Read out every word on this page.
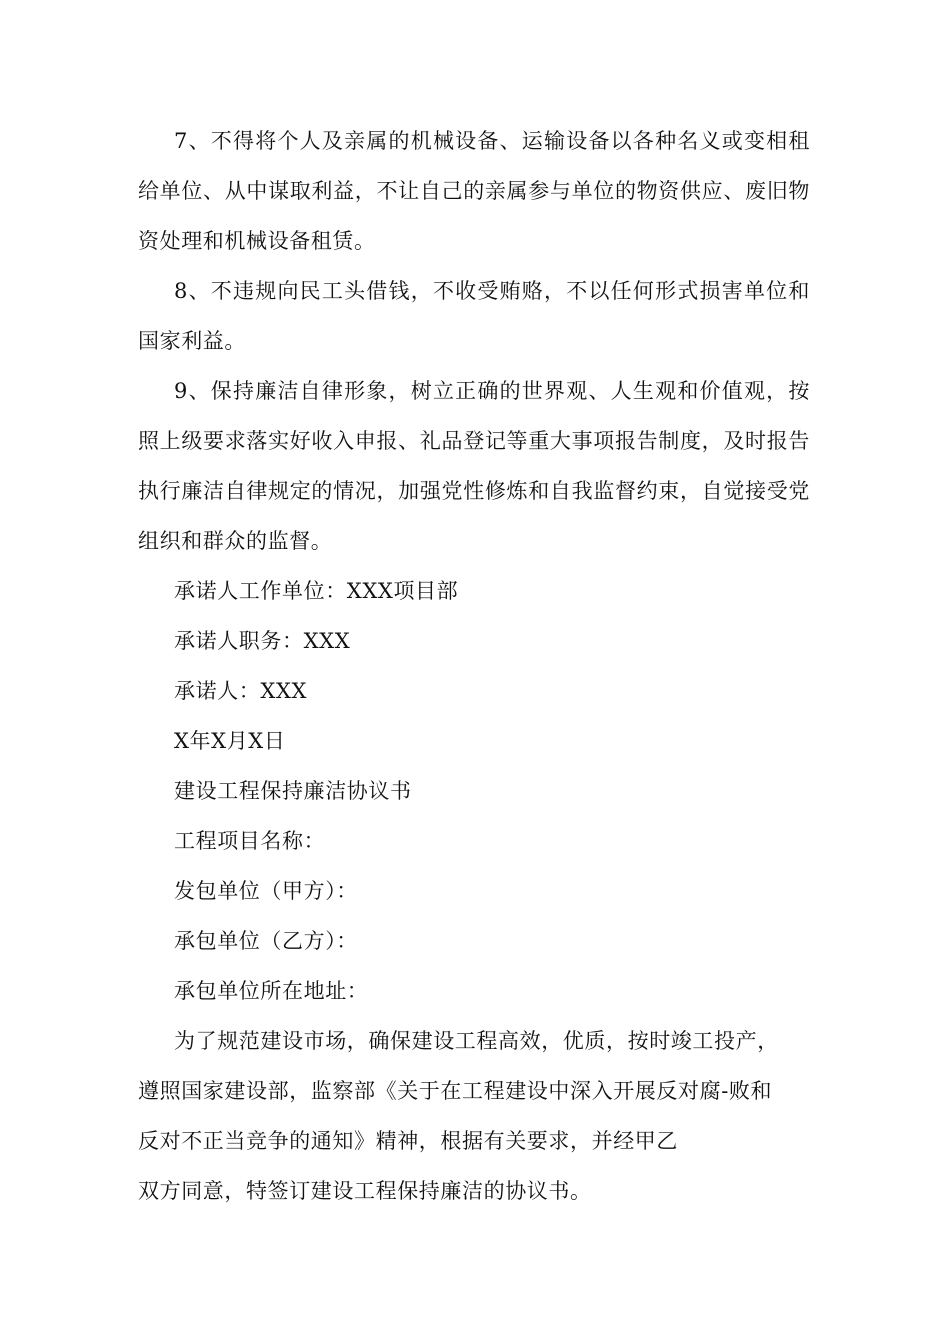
7、不得将个人及亲属的机械设备、运输设备以各种名义或变相租给单位、从中谋取利益，不让自己的亲属参与单位的物资供应、废旧物资处理和机械设备租赁。

8、不违规向民工头借钱，不收受贿赂，不以任何形式损害单位和国家利益。

9、保持廉洁自律形象，树立正确的世界观、人生观和价值观，按照上级要求落实好收入申报、礼品登记等重大事项报告制度，及时报告执行廉洁自律规定的情况，加强党性修炼和自我监督约束，自觉接受党组织和群众的监督。

承诺人工作单位：XXX项目部

承诺人职务：XXX

承诺人：XXX

X年X月X日

建设工程保持廉洁协议书

工程项目名称：

发包单位（甲方）：

承包单位（乙方）：

承包单位所在地址：

为了规范建设市场，确保建设工程高效，优质，按时竣工投产，

遵照国家建设部，监察部《关于在工程建设中深入开展反对腐-败和

反对不正当竞争的通知》精神，根据有关要求，并经甲乙

双方同意，特签订建设工程保持廉洁的协议书。
